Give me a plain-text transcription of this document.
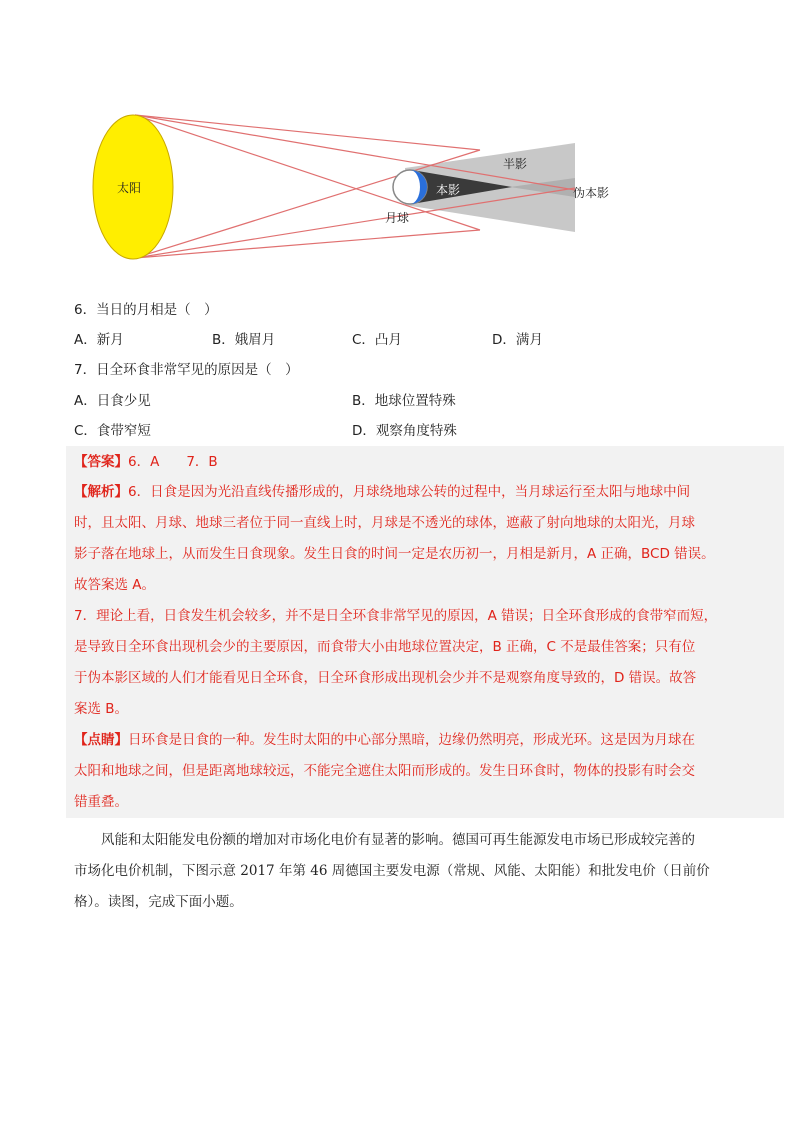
太阳
月球
本影
半影
伪本影
6．当日的月相是（　）
A．新月	B．娥眉月	C．凸月	D．满月
7．日全环食非常罕见的原因是（　）
A．日食少见	B．地球位置特殊
C．食带窄短	D．观察角度特殊
【答案】6．A　　7．B
【解析】6．日食是因为光沿直线传播形成的，月球绕地球公转的过程中，当月球运行至太阳与地球中间
时，且太阳、月球、地球三者位于同一直线上时，月球是不透光的球体，遮蔽了射向地球的太阳光，月球
影子落在地球上，从而发生日食现象。发生日食的时间一定是农历初一，月相是新月，A 正确，BCD 错误。
故答案选 A。
7．理论上看，日食发生机会较多，并不是日全环食非常罕见的原因，A 错误；日全环食形成的食带窄而短，
是导致日全环食出现机会少的主要原因，而食带大小由地球位置决定，B 正确，C 不是最佳答案；只有位
于伪本影区域的人们才能看见日全环食，日全环食形成出现机会少并不是观察角度导致的，D 错误。故答
案选 B。
【点睛】日环食是日食的一种。发生时太阳的中心部分黑暗，边缘仍然明亮，形成光环。这是因为月球在
太阳和地球之间，但是距离地球较远，不能完全遮住太阳而形成的。发生日环食时，物体的投影有时会交
错重叠。
　　风能和太阳能发电份额的增加对市场化电价有显著的影响。德国可再生能源发电市场已形成较完善的
市场化电价机制，下图示意 2017 年第 46 周德国主要发电源（常规、风能、太阳能）和批发电价（日前价
格）。读图，完成下面小题。
